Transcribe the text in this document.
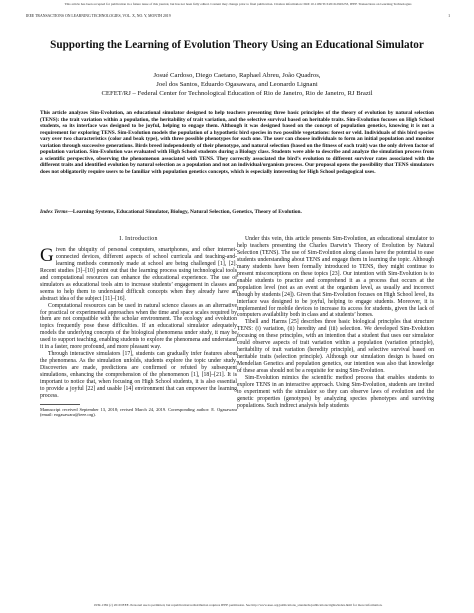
This article has been accepted for publication in a future issue of this journal, but has not been fully edited. Content may change prior to final publication. Citation information: DOI 10.1109/TLT.2019.2945253, IEEE Transactions on Learning Technologies
IEEE TRANSACTIONS ON LEARNING TECHNOLOGIES, VOL. X, NO. Y, MONTH 2019	1
Supporting the Learning of Evolution Theory Using an Educational Simulator
Josué Cardoso, Diego Caetano, Raphael Abreu, João Quadros,
Joel dos Santos, Eduardo Ogasawara, and Leonardo Lignani
CEFET/RJ – Federal Center for Technological Education of Rio de Janeiro, Rio de Janeiro, RJ Brazil
This article analyzes Sim-Evolution, an educational simulator designed to help teachers presenting three basic principles of the theory of evolution by natural selection (TENS): the trait variation within a population, the heritability of trait variation, and the selective survival based on heritable traits. Sim-Evolution focuses on High School students, so its interface was designed to be joyful, helping to engage them. Although it was designed based on the concept of population genetics, knowing it is not a requirement for exploring TENS. Sim-Evolution models the population of a hypothetic bird species in two possible vegetations: forest or veld. Individuals of this bird species vary over two characteristics (color and beak type), with three possible phenotypes for each one. The user can choose individuals to form an initial population and monitor variation through successive generations. Birds breed independently of their phenotype, and natural selection (based on the fitness of each trait) was the only driven factor of population variation. Sim-Evolution was evaluated with High School students during a Biology class. Students were able to describe and analyze the simulation process from a scientific perspective, observing the phenomenon associated with TENS. They correctly associated the bird’s evolution to different survivor rates associated with the different traits and identified evolution by natural selection as a population and not an individual/organism process. Our proposal opens the possibility that TENS simulators does not obligatorily require users to be familiar with population genetics concepts, which is especially interesting for High School pedagogical uses.
Index Terms—Learning Systems, Educational Simulator, Biology, Natural Selection, Genetics, Theory of Evolution.
I. Introduction

Given the ubiquity of personal computers, smartphones, and other internet-connected devices, different aspects of school curricula and teaching-and-learning methods commonly made at school are being challenged [1], [2]. Recent studies [3]–[10] point out that the learning process using technological tools and computational resources can enhance the educational experience. The use of simulators as educational tools aim to increase students’ engagement in classes and seems to help them to understand difficult concepts when they already have an abstract idea of the subject [11]–[16].

Computational resources can be used in natural science classes as an alternative for practical or experimental approaches when the time and space scales required by them are not compatible with the scholar environment. The ecology and evolution topics frequently pose these difficulties. If an educational simulator adequately models the underlying concepts of the biological phenomena under study, it may be used to support teaching, enabling students to explore the phenomena and understand it in a faster, more profound, and more pleasant way.

Through interactive simulators [17], students can gradually infer features about the phenomena. As the simulation unfolds, students explore the topic under study. Discoveries are made, predictions are confirmed or refuted by subsequent simulations, enhancing the comprehension of the phenomenon [1], [18]–[21]. It is important to notice that, when focusing on High School students, it is also essential to provide a joyful [22] and usable [14] environment that can empower the learning process.

Manuscript received September 13, 2018; revised March 24, 2019. Corresponding author: E. Ogasawara (email: eogasawara@ieee.org).

Under this vein, this article presents Sim-Evolution, an educational simulator to help teachers presenting the Charles Darwin’s Theory of Evolution by Natural Selection (TENS). The use of Sim-Evolution along classes have the potential to ease students understanding about TENS and engage them in learning the topic. Although many students have been formally introduced to TENS, they might continue to present misconceptions on these topics [23]. Our intention with Sim-Evolution is to enable students to practice and comprehend it as a process that occurs at the population level (not as an event at the organism level, as usually and incorrect though by students [24]). Given that Sim-Evolution focuses on High School level, its interface was designed to be joyful, helping to engage students. Moreover, it is implemented for mobile devices to increase its access for students, given the lack of computers availability both in class and at students’ homes.

Tibell and Harms [25] describes three basic biological principles that structure TENS: (i) variation, (ii) heredity and (iii) selection. We developed Sim-Evolution focusing on these principles, with an intention that a student that uses our simulator could observe aspects of trait variation within a population (variation principle), heritability of trait variation (heredity principle), and selective survival based on heritable traits (selection principle). Although our simulation design is based on Mendelian Genetics and population genetics, our intention was also that knowledge of these areas should not be a requisite for using Sim-Evolution.

Sim-Evolution mimics the scientific method process that enables students to explore TENS in an interactive approach. Using Sim-Evolution, students are invited to experiment with the simulator so they can observe laws of evolution and the genetic properties (genotypes) by analyzing species phenotypes and surviving populations. Such indirect analysis help students

1939-1382 (c) 2019 IEEE. Personal use is permitted, but republication/redistribution requires IEEE permission. See http://www.ieee.org/publications_standards/publications/rights/index.html for more information.
